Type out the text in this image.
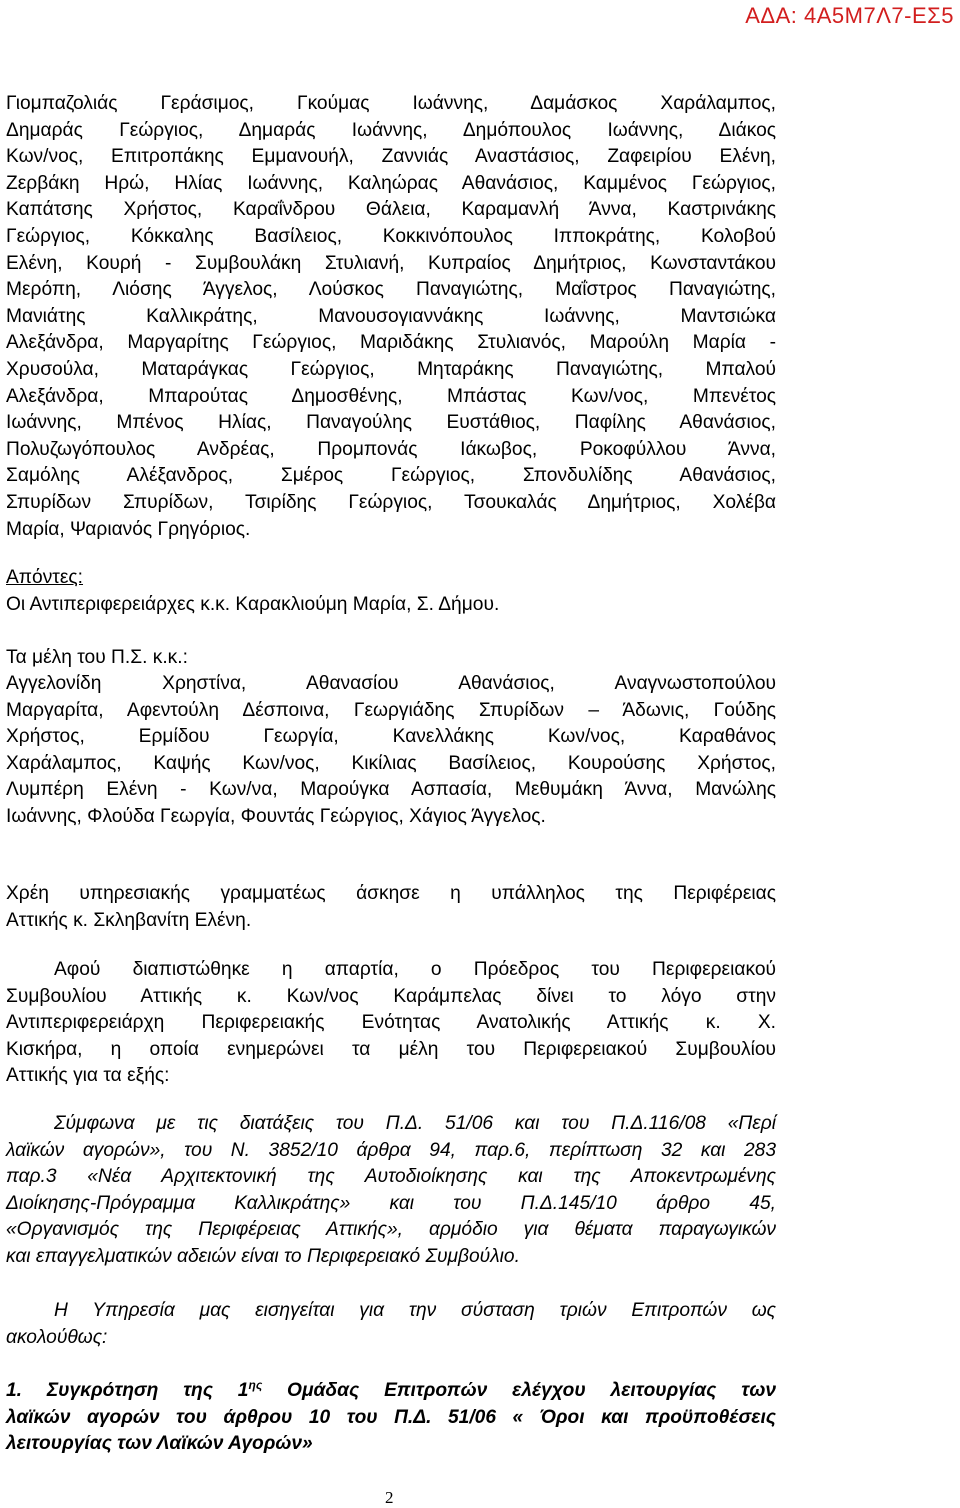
ΑΔΑ: 4Α5Μ7Λ7-ΕΣ5
Γιομπαζολιάς Γεράσιμος, Γκούμας Ιωάννης, Δαμάσκος Χαράλαμπος,
Δημαράς Γεώργιος, Δημαράς Ιωάννης, Δημόπουλος Ιωάννης, Διάκος
Κων/νος, Επιτροπάκης Εμμανουήλ, Ζαννιάς Αναστάσιος, Ζαφειρίου Ελένη,
Ζερβάκη Ηρώ, Ηλίας Ιωάννης, Καληώρας Αθανάσιος, Καμμένος Γεώργιος,
Καπάτσης Χρήστος, Καραΐνδρου Θάλεια, Καραμανλή Άννα, Καστρινάκης
Γεώργιος, Κόκκαλης Βασίλειος, Κοκκινόπουλος Ιπποκράτης, Κολοβού
Ελένη, Κουρή - Συμβουλάκη Στυλιανή, Κυπραίος Δημήτριος, Κωνσταντάκου
Μερόπη, Λιόσης Άγγελος, Λούσκος Παναγιώτης, Μαΐστρος Παναγιώτης,
Μανιάτης Καλλικράτης, Μανουσογιαννάκης Ιωάννης, Μαντσιώκα
Αλεξάνδρα, Μαργαρίτης Γεώργιος, Μαριδάκης Στυλιανός, Μαρούλη Μαρία -
Χρυσούλα, Ματαράγκας Γεώργιος, Μηταράκης Παναγιώτης, Μπαλού
Αλεξάνδρα, Μπαρούτας Δημοσθένης, Μπάστας Κων/νος, Μπενέτος
Ιωάννης, Μπένος Ηλίας, Παναγούλης Ευστάθιος, Παφίλης Αθανάσιος,
Πολυζωγόπουλος Ανδρέας, Προμπονάς Ιάκωβος, Ροκοφύλλου Άννα,
Σαμόλης Αλέξανδρος, Σμέρος Γεώργιος, Σπονδυλίδης Αθανάσιος,
Σπυρίδων Σπυρίδων, Τσιρίδης Γεώργιος, Τσουκαλάς Δημήτριος, Χολέβα
Μαρία, Ψαριανός Γρηγόριος.
Απόντες:
Οι Αντιπεριφερειάρχες κ.κ. Καρακλιούμη Μαρία, Σ. Δήμου.
Τα μέλη του Π.Σ. κ.κ.:
Αγγελονίδη Χρηστίνα, Αθανασίου Αθανάσιος, Αναγνωστοπούλου
Μαργαρίτα, Αφεντούλη Δέσποινα, Γεωργιάδης Σπυρίδων – Άδωνις, Γούδης
Χρήστος, Ερμίδου Γεωργία, Κανελλάκης Κων/νος, Καραθάνος
Χαράλαμπος, Καψής Κων/νος, Κικίλιας Βασίλειος, Κουρούσης Χρήστος,
Λυμπέρη Ελένη - Κων/να, Μαρούγκα Ασπασία, Μεθυμάκη Άννα, Μανώλης
Ιωάννης, Φλούδα Γεωργία, Φουντάς Γεώργιος, Χάγιος Άγγελος.
Χρέη υπηρεσιακής γραμματέως άσκησε η υπάλληλος της Περιφέρειας
Αττικής κ. Σκληβανίτη Ελένη.
Αφού διαπιστώθηκε η απαρτία, ο Πρόεδρος του Περιφερειακού
Συμβουλίου Αττικής κ. Κων/νος Καράμπελας δίνει το λόγο στην
Αντιπεριφερειάρχη Περιφερειακής Ενότητας Ανατολικής Αττικής κ. Χ.
Κισκήρα, η οποία ενημερώνει τα μέλη του Περιφερειακού Συμβουλίου
Αττικής για τα εξής:
Σύμφωνα με τις διατάξεις του Π.Δ. 51/06 και του Π.Δ.116/08 «Περί
λαϊκών αγορών», του Ν. 3852/10 άρθρα 94, παρ.6, περίπτωση 32 και 283
παρ.3 «Νέα Αρχιτεκτονική της Αυτοδιοίκησης και της Αποκεντρωμένης
Διοίκησης-Πρόγραμμα Καλλικράτης» και του Π.Δ.145/10 άρθρο 45,
«Οργανισμός της Περιφέρειας Αττικής», αρμόδιο για θέματα παραγωγικών
και επαγγελματικών αδειών είναι το Περιφερειακό Συμβούλιο.
Η Υπηρεσία μας εισηγείται για την σύσταση τριών Επιτροπών ως
ακολούθως:
1. Συγκρότηση της $1^{\eta\varsigma}$ Ομάδας Επιτροπών ελέγχου λειτουργίας των
λαϊκών αγορών του άρθρου 10 του Π.Δ. 51/06 « Όροι και προϋποθέσεις
λειτουργίας των Λαϊκών Αγορών»
2
